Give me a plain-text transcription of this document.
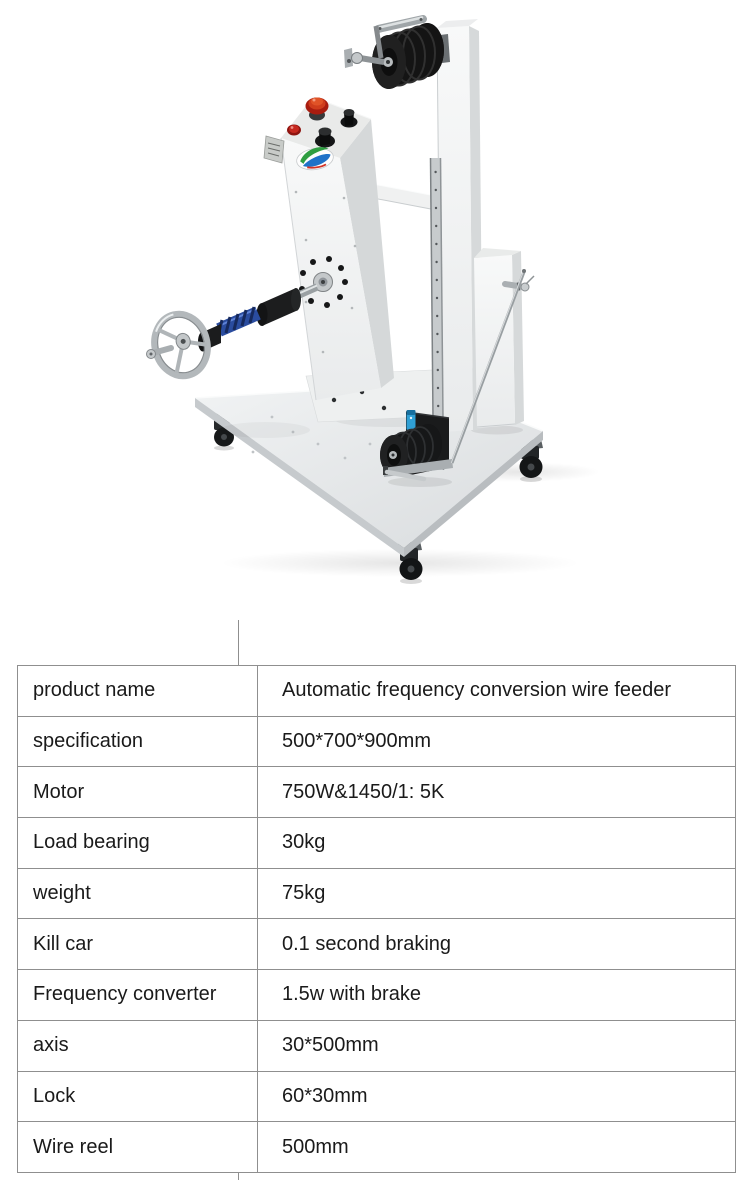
product name	Automatic frequency conversion wire feeder
specification	500*700*900mm
Motor	750W&1450/1: 5K
Load bearing	30kg
weight	75kg
Kill car	0.1 second braking
Frequency converter	1.5w with brake
axis	30*500mm
Lock	60*30mm
Wire reel	500mm
